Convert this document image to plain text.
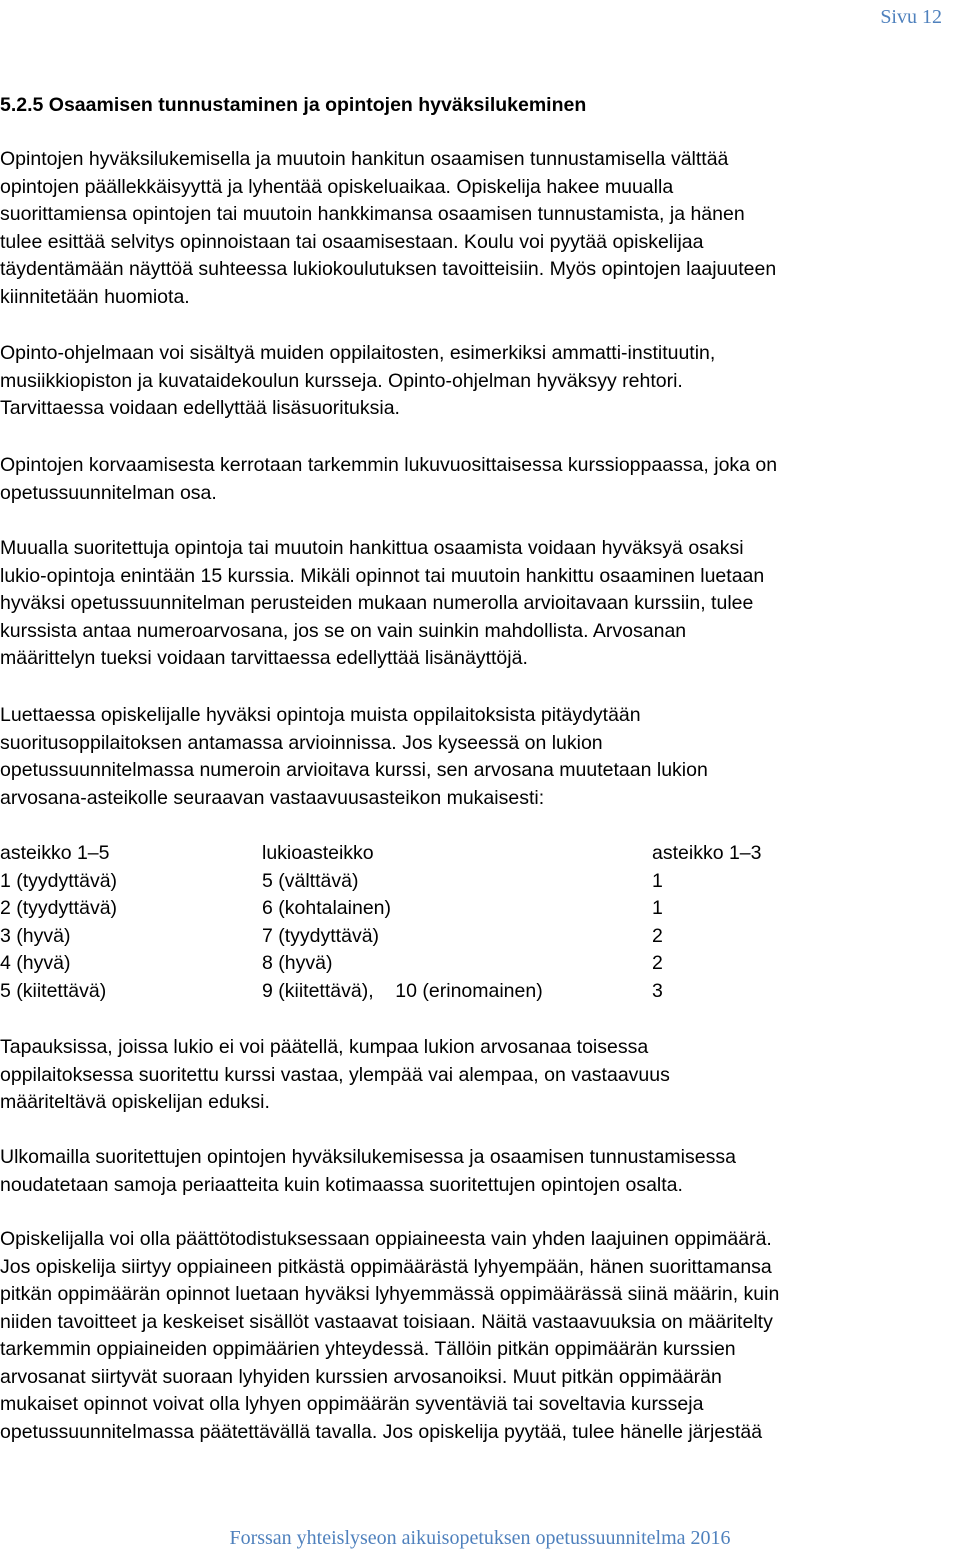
Sivu 12
5.2.5 Osaamisen tunnustaminen ja opintojen hyväksilukeminen

Opintojen hyväksilukemisella ja muutoin hankitun osaamisen tunnustamisella välttää
opintojen päällekkäisyyttä ja lyhentää opiskeluaikaa. Opiskelija hakee muualla
suorittamiensa opintojen tai muutoin hankkimansa osaamisen tunnustamista, ja hänen
tulee esittää selvitys opinnoistaan tai osaamisestaan. Koulu voi pyytää opiskelijaa
täydentämään näyttöä suhteessa lukiokoulutuksen tavoitteisiin. Myös opintojen laajuuteen
kiinnitetään huomiota.

Opinto-ohjelmaan voi sisältyä muiden oppilaitosten, esimerkiksi ammatti-instituutin,
musiikkiopiston ja kuvataidekoulun kursseja. Opinto-ohjelman hyväksyy rehtori.
Tarvittaessa voidaan edellyttää lisäsuorituksia.

Opintojen korvaamisesta kerrotaan tarkemmin lukuvuosittaisessa kurssioppaassa, joka on
opetussuunnitelman osa.

Muualla suoritettuja opintoja tai muutoin hankittua osaamista voidaan hyväksyä osaksi
lukio-opintoja enintään 15 kurssia. Mikäli opinnot tai muutoin hankittu osaaminen luetaan
hyväksi opetussuunnitelman perusteiden mukaan numerolla arvioitavaan kurssiin, tulee
kurssista antaa numeroarvosana, jos se on vain suinkin mahdollista. Arvosanan
määrittelyn tueksi voidaan tarvittaessa edellyttää lisänäyttöjä.

Luettaessa opiskelijalle hyväksi opintoja muista oppilaitoksista pitäydytään
suoritusoppilaitoksen antamassa arvioinnissa. Jos kyseessä on lukion
opetussuunnitelmassa numeroin arvioitava kurssi, sen arvosana muutetaan lukion
arvosana-asteikolle seuraavan vastaavuusasteikon mukaisesti:

asteikko 1–5	lukioasteikko	asteikko 1–3
1 (tyydyttävä)	5 (välttävä)	1
2 (tyydyttävä)	6 (kohtalainen)	1
3 (hyvä)	7 (tyydyttävä)	2
4 (hyvä)	8 (hyvä)	2
5 (kiitettävä)	9 (kiitettävä),    10 (erinomainen)	3

Tapauksissa, joissa lukio ei voi päätellä, kumpaa lukion arvosanaa toisessa
oppilaitoksessa suoritettu kurssi vastaa, ylempää vai alempaa, on vastaavuus
määriteltävä opiskelijan eduksi.

Ulkomailla suoritettujen opintojen hyväksilukemisessa ja osaamisen tunnustamisessa
noudatetaan samoja periaatteita kuin kotimaassa suoritettujen opintojen osalta.

Opiskelijalla voi olla päättötodistuksessaan oppiaineesta vain yhden laajuinen oppimäärä.
Jos opiskelija siirtyy oppiaineen pitkästä oppimäärästä lyhyempään, hänen suorittamansa
pitkän oppimäärän opinnot luetaan hyväksi lyhyemmässä oppimäärässä siinä määrin, kuin
niiden tavoitteet ja keskeiset sisällöt vastaavat toisiaan. Näitä vastaavuuksia on määritelty
tarkemmin oppiaineiden oppimäärien yhteydessä. Tällöin pitkän oppimäärän kurssien
arvosanat siirtyvät suoraan lyhyiden kurssien arvosanoiksi. Muut pitkän oppimäärän
mukaiset opinnot voivat olla lyhyen oppimäärän syventäviä tai soveltavia kursseja
opetussuunnitelmassa päätettävällä tavalla. Jos opiskelija pyytää, tulee hänelle järjestää

Forssan yhteislyseon aikuisopetuksen opetussuunnitelma 2016
